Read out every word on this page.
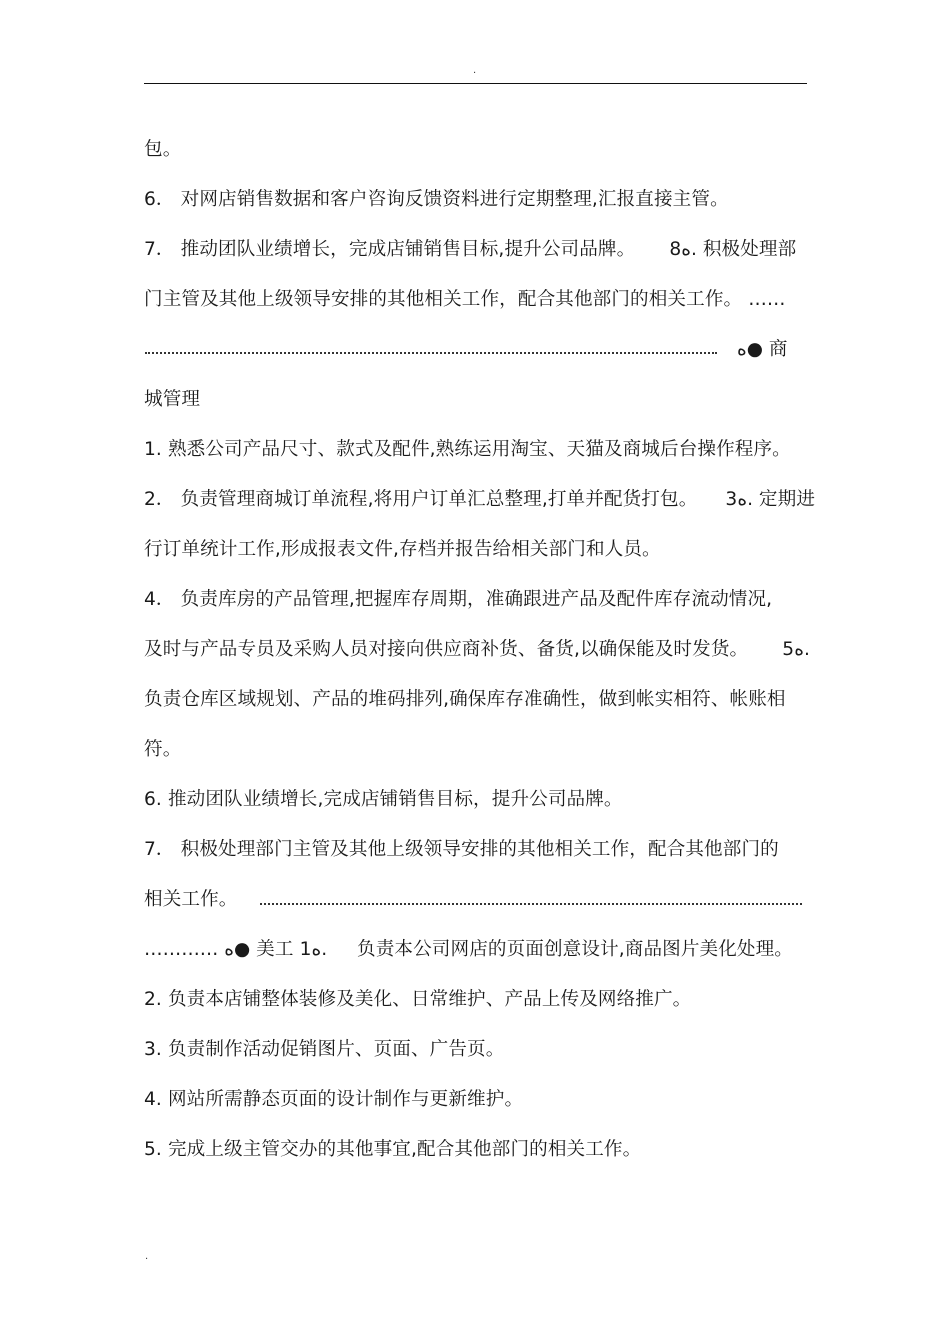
.
包。
6． 对网店销售数据和客户咨询反馈资料进行定期整理,汇报直接主管。
7． 推动团队业绩增长，完成店铺销售目标,提升公司品牌。 8ﻩ. 积极处理部
门主管及其他上级领导安排的其他相关工作，配合其他部门的相关工作。 ……
ﻩ● 商
城管理
1. 熟悉公司产品尺寸、款式及配件,熟练运用淘宝、天猫及商城后台操作程序。
2． 负责管理商城订单流程,将用户订单汇总整理,打单并配货打包。 3ﻩ. 定期进
行订单统计工作,形成报表文件,存档并报告给相关部门和人员。
4． 负责库房的产品管理,把握库存周期，准确跟进产品及配件库存流动情况,
及时与产品专员及采购人员对接向供应商补货、备货,以确保能及时发货。 5ﻩ.
负责仓库区域规划、产品的堆码排列,确保库存准确性，做到帐实相符、帐账相
符。
6. 推动团队业绩增长,完成店铺销售目标，提升公司品牌。
7． 积极处理部门主管及其他上级领导安排的其他相关工作，配合其他部门的
相关工作。
………… ﻩ● 美工 1ﻩ. 负责本公司网店的页面创意设计,商品图片美化处理。
2. 负责本店铺整体装修及美化、日常维护、产品上传及网络推广。
3. 负责制作活动促销图片、页面、广告页。
4. 网站所需静态页面的设计制作与更新维护。
5. 完成上级主管交办的其他事宜,配合其他部门的相关工作。
.
